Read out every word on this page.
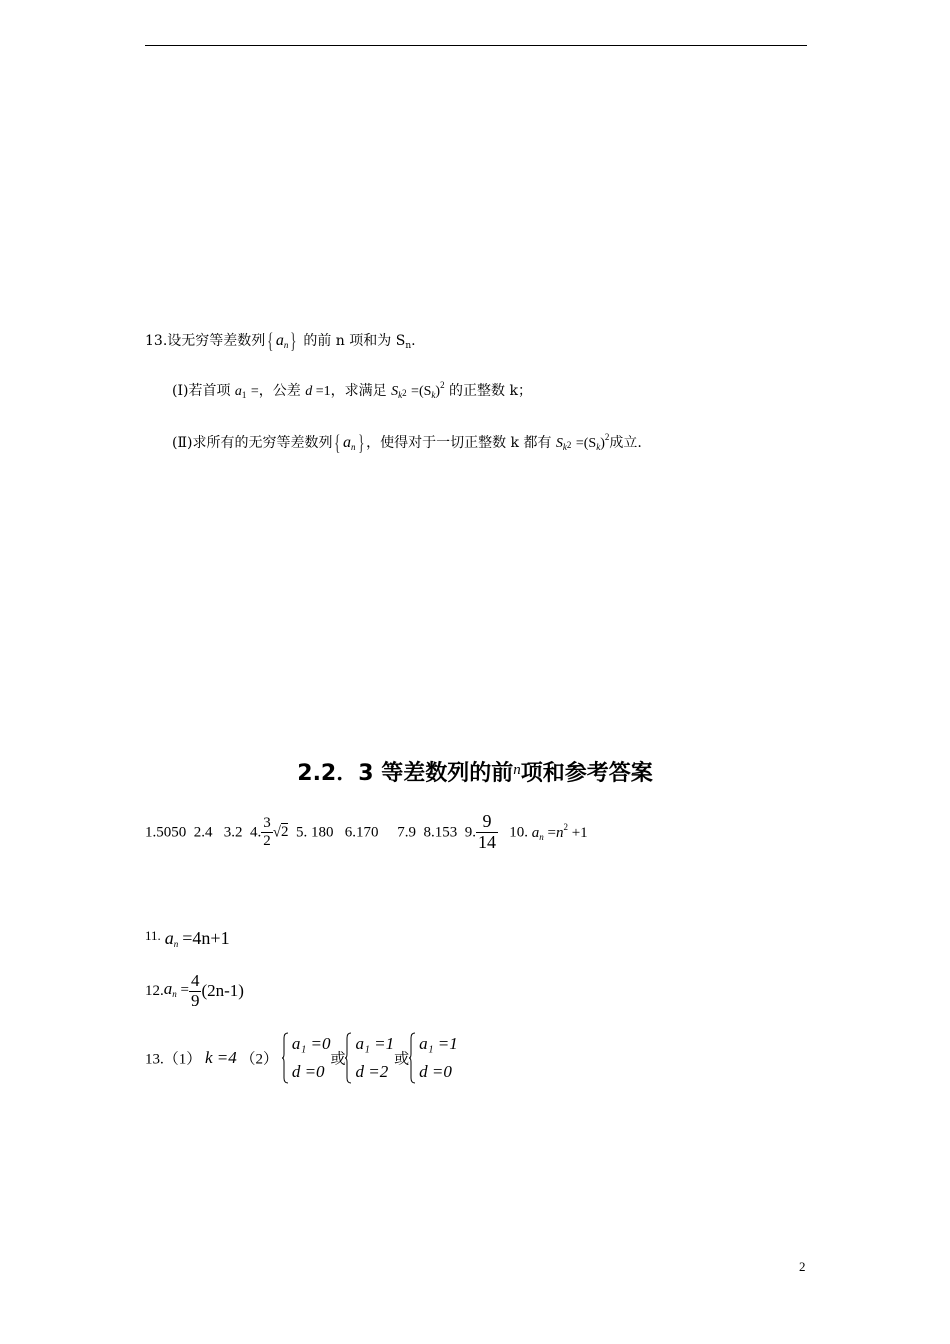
13.设无穷等差数列{ $a_n$} 的前 n 项和为 $S_n$.
(Ⅰ)若首项 $a_1$ =，公差 d =1，求满足 $S_k2 =(S_k)^2$ 的正整数 k；
(Ⅱ)求所有的无穷等差数列{ $a_n$} ，使得对于一切正整数 k 都有 $S_k2 =(S_k)^2$成立.
2.2．3 等差数列的前$^n$项和参考答案
1.5050 2.4 3.2 4. $\frac{3}{2} √2$ 5. 180 6.170 7.9 8.153 9. $\frac{9}{14} 10$. $a_n =n^2 +1$
$^{11.}$ $a_n =4n+1$
$12.a_n = \frac{4}{9} (2n-1)$
13.（1） k =4 （2）
a₁ =0
d =0
或
a₁ =1
d =2
或
a₁ =1
d =0
2
